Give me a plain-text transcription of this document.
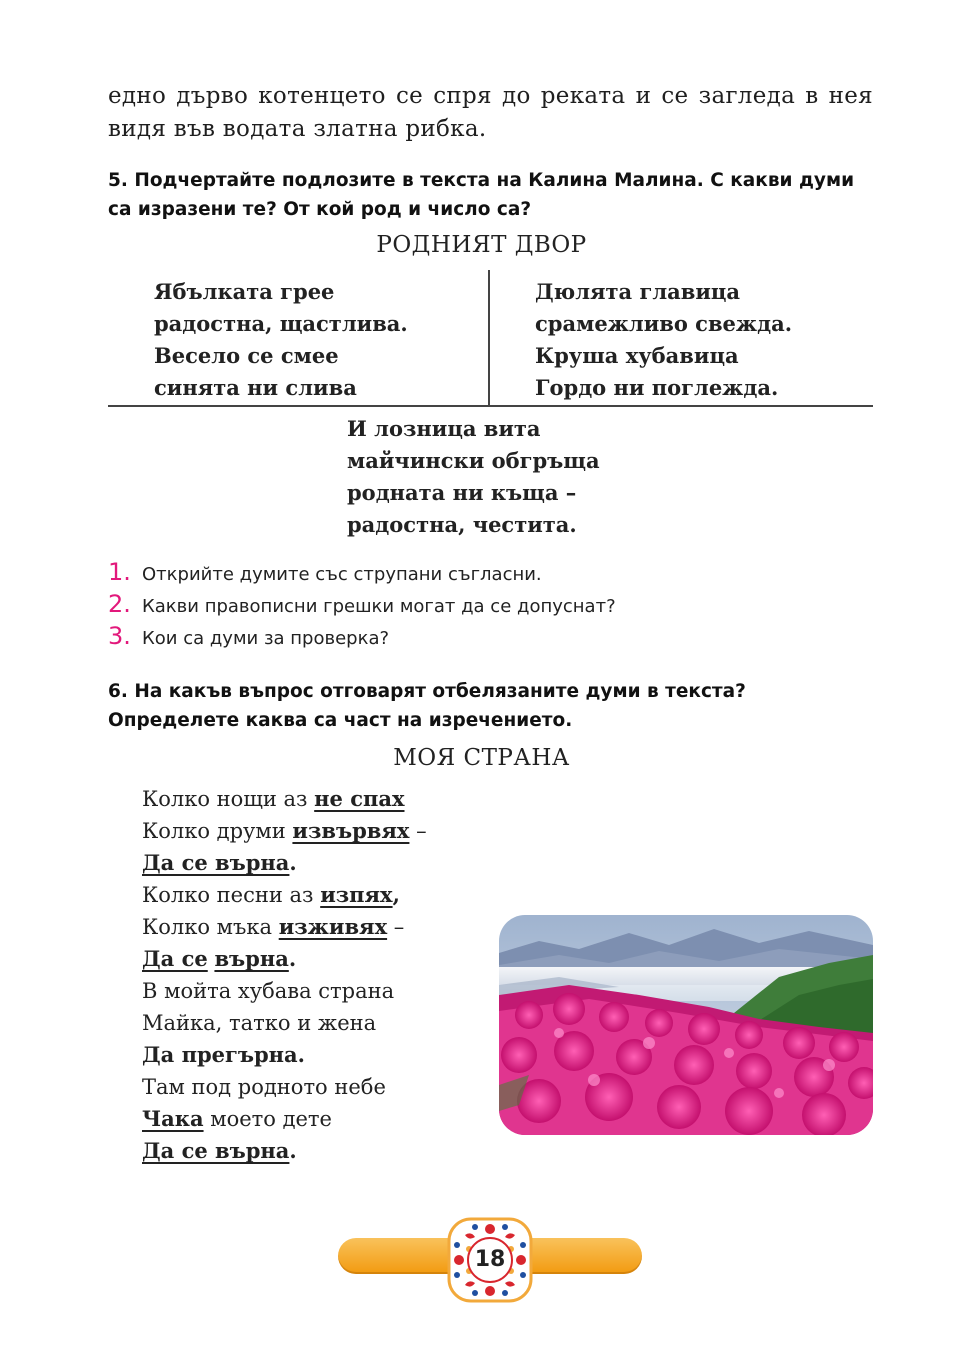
едно дърво котенцето се спря до реката и се загледа в нея
видя във водата златна рибка.
5. Подчертайте подлозите в текста на Калина Малина. С какви думи са изразени те? От кой род и число са?
РОДНИЯТ ДВОР
Ябълката грее
радостна, щастлива.
Весело се смее
синята ни слива
Дюлята главица
срамежливо свежда.
Круша хубавица
Гордо ни поглежда.
И лозница вита
майчински обгръща
родната ни къща –
радостна, честита.
1. Открийте думите със струпани съгласни.
2. Какви правописни грешки могат да се допуснат?
3. Кои са думи за проверка?
6. На какъв въпрос отговарят отбелязаните думи в текста? Определете каква са част на изречението.
МОЯ СТРАНА
Колко нощи аз не спах
Колко друми извървях –
Да се върна.
Колко песни аз изпях,
Колко мъка изживях –
Да се върна.
В мойта хубава страна
Майка, татко и жена
Да прегърна.
Там под родното небе
Чака моето дете
Да се върна.
18
